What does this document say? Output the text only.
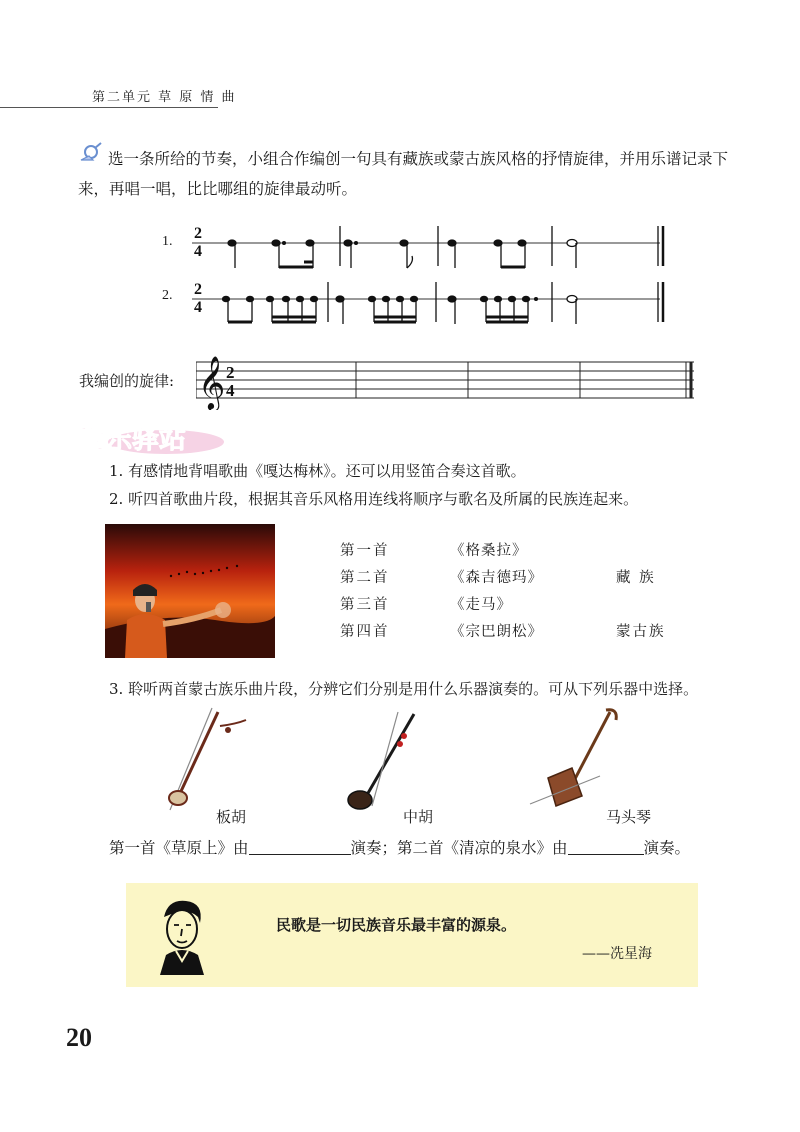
第二单元 草 原 情 曲
选一条所给的节奏，小组合作编创一句具有藏族或蒙古族风格的抒情旋律，并用乐谱记录下来，再唱一唱，比比哪组的旋律最动听。
1.
2.
2
4
2
4
我编创的旋律: 𝄞 2
4
爱乐驿站
1. 有感情地背唱歌曲《嘎达梅林》。还可以用竖笛合奏这首歌。
2. 听四首歌曲片段，根据其音乐风格用连线将顺序与歌名及所属的民族连起来。
第一首	《格桑拉》
第二首	《森吉德玛》	藏 族
第三首	《走马》
第四首	《宗巴朗松》	蒙古族
3. 聆听两首蒙古族乐曲片段，分辨它们分别是用什么乐器演奏的。可从下列乐器中选择。
板胡	中胡	马头琴
第一首《草原上》由	演奏；第二首《清凉的泉水》由	演奏。
民歌是一切民族音乐最丰富的源泉。
——冼星海
20
